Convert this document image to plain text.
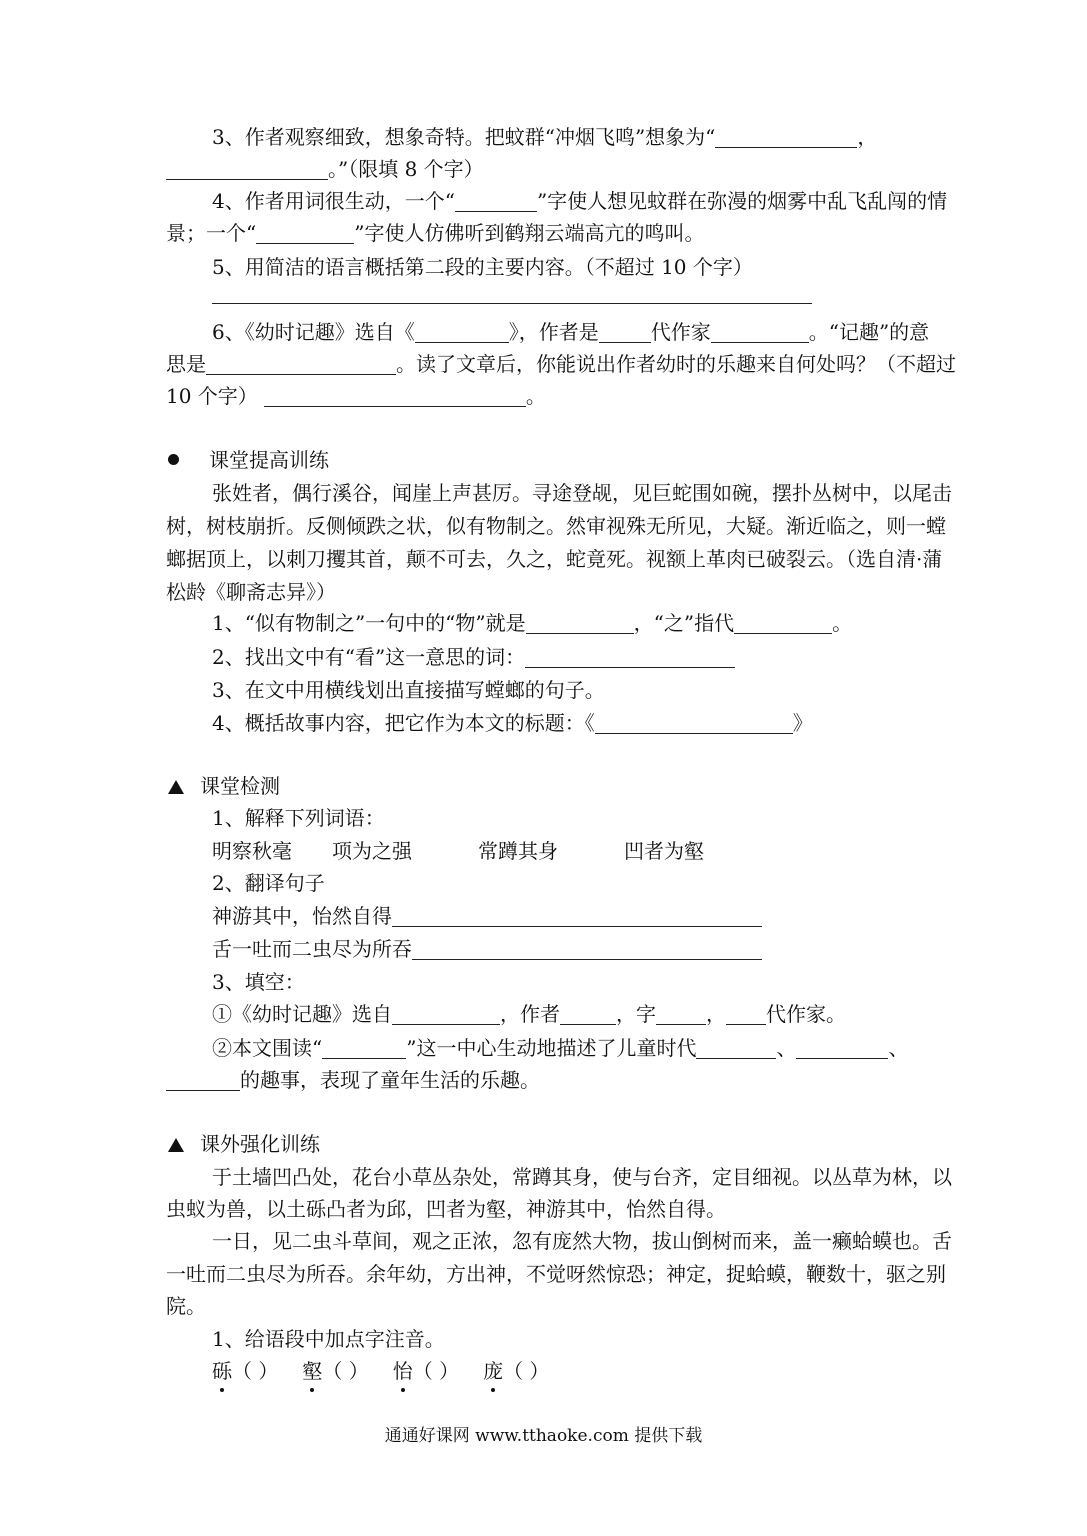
3、作者观察细致，想象奇特。把蚊群“冲烟飞鸣”想象为“	，
。”（限填 8 个字）
4、作者用词很生动，一个“	”字使人想见蚊群在弥漫的烟雾中乱飞乱闯的情
景；一个“	”字使人仿佛听到鹤翔云端高亢的鸣叫。
5、用简洁的语言概括第二段的主要内容。（不超过 10 个字）
6、《幼时记趣》选自《	》，作者是	代作家	。“记趣”的意
思是	。读了文章后，你能说出作者幼时的乐趣来自何处吗？（不超过
10 个字）	。
课堂提高训练
张姓者，偶行溪谷，闻崖上声甚厉。寻途登觇，见巨蛇围如碗，摆扑丛树中，以尾击
树，树枝崩折。反侧倾跌之状，似有物制之。然审视殊无所见，大疑。渐近临之，则一螳
螂据顶上，以刺刀攫其首，颠不可去，久之，蛇竟死。视额上革肉已破裂云。（选自清·蒲
松龄《聊斋志异》）
1、“似有物制之”一句中的“物”就是	，“之”指代	。
2、找出文中有“看”这一意思的词：
3、在文中用横线划出直接描写螳螂的句子。
4、概括故事内容，把它作为本文的标题：《	》
课堂检测
1、解释下列词语：
明察秋毫 项为之强	常蹲其身	凹者为壑
2、翻译句子
神游其中，怡然自得
舌一吐而二虫尽为所吞
3、填空：
①《幼时记趣》选自	，作者	，字	， 代作家。
②本文围读“	”这一中心生动地描述了儿童时代	、	、
的趣事，表现了童年生活的乐趣。
课外强化训练
于土墙凹凸处，花台小草丛杂处，常蹲其身，使与台齐，定目细视。以丛草为林，以
虫蚁为兽，以土砾凸者为邱，凹者为壑，神游其中，怡然自得。
一日，见二虫斗草间，观之正浓，忽有庞然大物，拔山倒树而来，盖一癞蛤蟆也。舌
一吐而二虫尽为所吞。余年幼，方出神，不觉呀然惊恐；神定，捉蛤蟆，鞭数十，驱之别
院。
1、给语段中加点字注音。
砾（ ） 壑（ ） 怡（ ） 庞（ ）
通通好课网 www.tthaoke.com 提供下载
